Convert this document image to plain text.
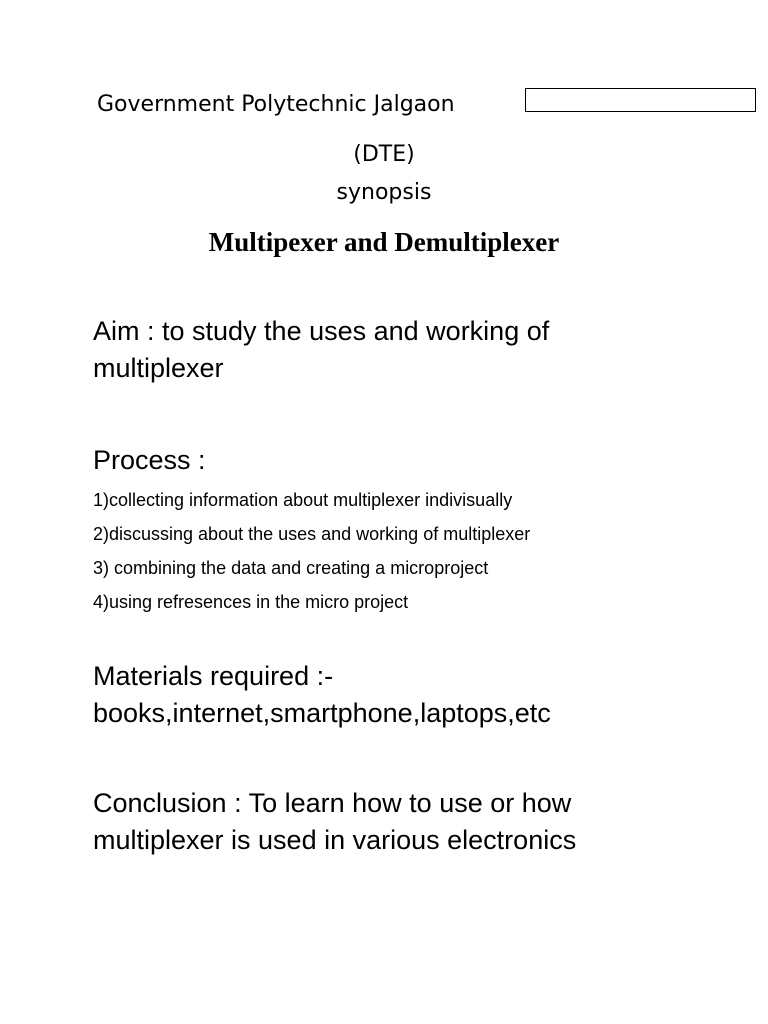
Government Polytechnic Jalgaon
(DTE)
synopsis
Multipexer and Demultiplexer
Aim : to study the uses and working of
multiplexer
Process :
1)collecting information about multiplexer indivisually
2)discussing about the uses and working of multiplexer
3) combining the data and creating a microproject
4)using refresences in the micro project
Materials required :-
books,internet,smartphone,laptops,etc
Conclusion : To learn how to use or how
multiplexer is used in various electronics
